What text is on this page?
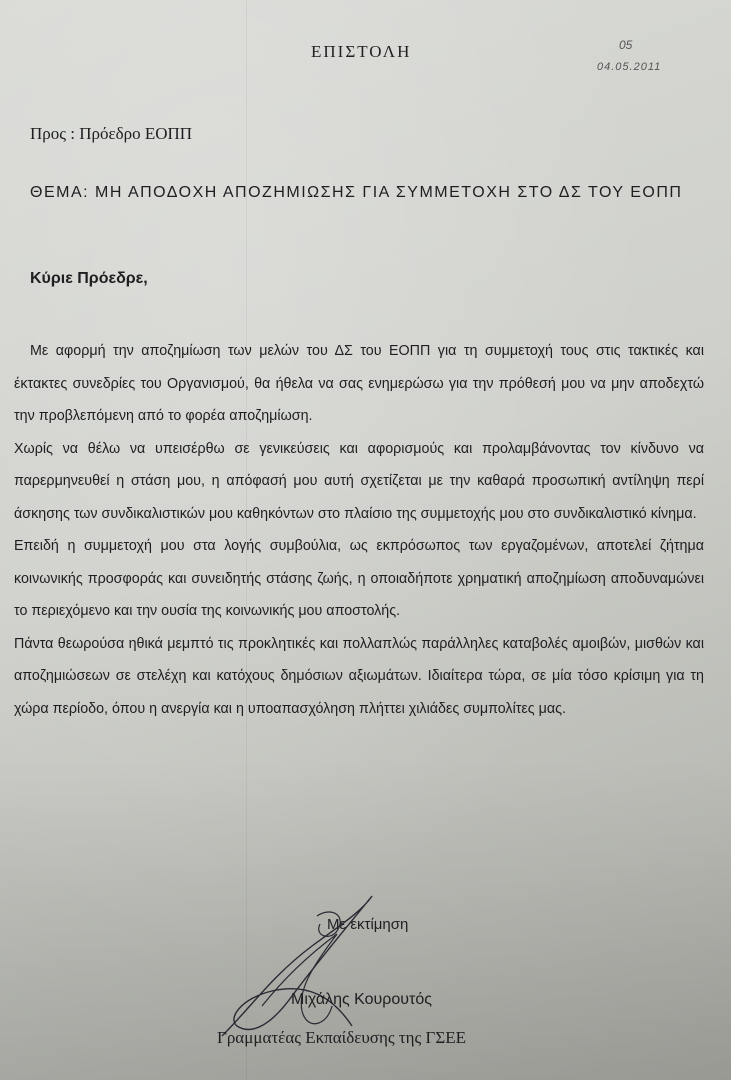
ΕΠΙΣΤΟΛΗ	05
04.05.2011
Προς : Πρόεδρο ΕΟΠΠ
ΘΕΜΑ: ΜΗ ΑΠΟΔΟΧΗ ΑΠΟΖΗΜΙΩΣΗΣ ΓΙΑ ΣΥΜΜΕΤΟΧΗ ΣΤΟ ΔΣ ΤΟΥ ΕΟΠΠ
Κύριε Πρόεδρε,

Με αφορμή την αποζημίωση των μελών του ΔΣ του ΕΟΠΠ για τη συμμετοχή τους στις τακτικές και έκτακτες συνεδρίες του Οργανισμού, θα ήθελα να σας ενημερώσω για την πρόθεσή μου να μην αποδεχτώ την προβλεπόμενη από το φορέα αποζημίωση.

Χωρίς να θέλω να υπεισέρθω σε γενικεύσεις και αφορισμούς και προλαμβάνοντας τον κίνδυνο να παρερμηνευθεί η στάση μου, η απόφασή μου αυτή σχετίζεται με την καθαρά προσωπική αντίληψη περί άσκησης των συνδικαλιστικών μου καθηκόντων στο πλαίσιο της συμμετοχής μου στο συνδικαλιστικό κίνημα.

Επειδή η συμμετοχή μου στα λογής συμβούλια, ως εκπρόσωπος των εργαζομένων, αποτελεί ζήτημα κοινωνικής προσφοράς και συνειδητής στάσης ζωής, η οποιαδήποτε χρηματική αποζημίωση αποδυναμώνει το περιεχόμενο και την ουσία της κοινωνικής μου αποστολής.

Πάντα θεωρούσα ηθικά μεμπτό τις προκλητικές και πολλαπλώς παράλληλες καταβολές αμοιβών, μισθών και αποζημιώσεων σε στελέχη και κατόχους δημόσιων αξιωμάτων. Ιδιαίτερα τώρα, σε μία τόσο κρίσιμη για τη χώρα περίοδο, όπου η ανεργία και η υποαπασχόληση πλήττει χιλιάδες συμπολίτες μας.

Με εκτίμηση
Μιχάλης Κουρουτός
Γραμματέας Εκπαίδευσης της ΓΣΕΕ
